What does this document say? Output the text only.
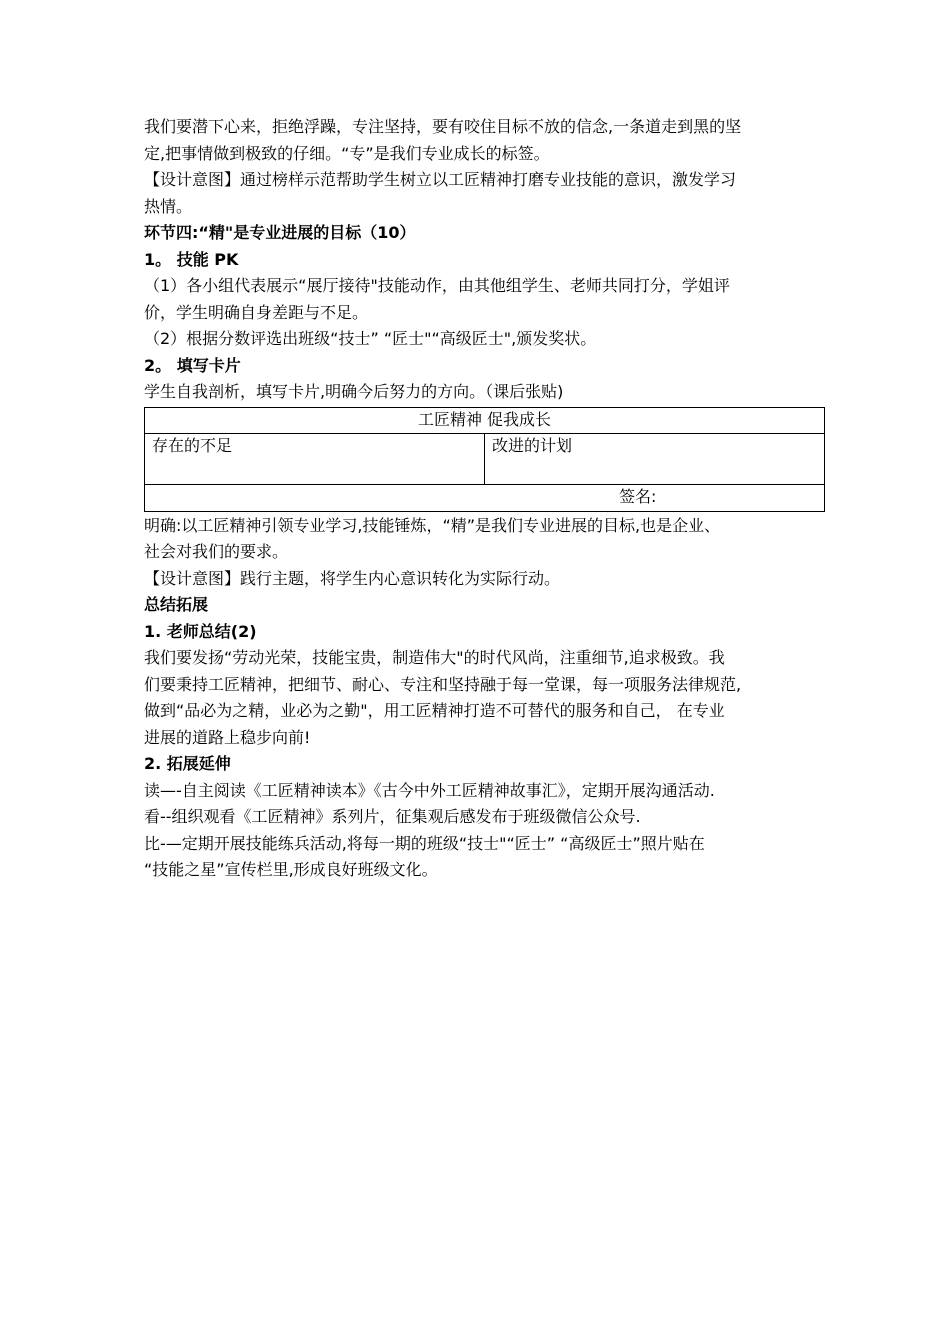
我们要潜下心来，拒绝浮躁，专注坚持，要有咬住目标不放的信念,一条道走到黑的坚

定,把事情做到极致的仔细。“专”是我们专业成长的标签。

【设计意图】通过榜样示范帮助学生树立以工匠精神打磨专业技能的意识，激发学习

热情。

环节四:“精"是专业进展的目标（10）

1。 技能 PK

（1）各小组代表展示“展厅接待"技能动作，由其他组学生、老师共同打分，学姐评

价，学生明确自身差距与不足。

（2）根据分数评选出班级“技士” “匠士"“高级匠士",颁发奖状。

2。 填写卡片

学生自我剖析，填写卡片,明确今后努力的方向。（课后张贴)

工匠精神 促我成长
存在的不足	改进的计划
签名:

明确:以工匠精神引领专业学习,技能锤炼，“精”是我们专业进展的目标,也是企业、

社会对我们的要求。

【设计意图】践行主题，将学生内心意识转化为实际行动。

总结拓展

1. 老师总结(2)

我们要发扬“劳动光荣，技能宝贵，制造伟大"的时代风尚，注重细节,追求极致。我

们要秉持工匠精神，把细节、耐心、专注和坚持融于每一堂课，每一项服务法律规范,

做到“品必为之精，业必为之勤"，用工匠精神打造不可替代的服务和自己， 在专业

进展的道路上稳步向前!

2. 拓展延伸

读—-自主阅读《工匠精神读本》《古今中外工匠精神故事汇》，定期开展沟通活动.

看--组织观看《工匠精神》系列片，征集观后感发布于班级微信公众号.

比-—定期开展技能练兵活动,将每一期的班级“技士"“匠士” “高级匠士”照片贴在

“技能之星”宣传栏里,形成良好班级文化。
